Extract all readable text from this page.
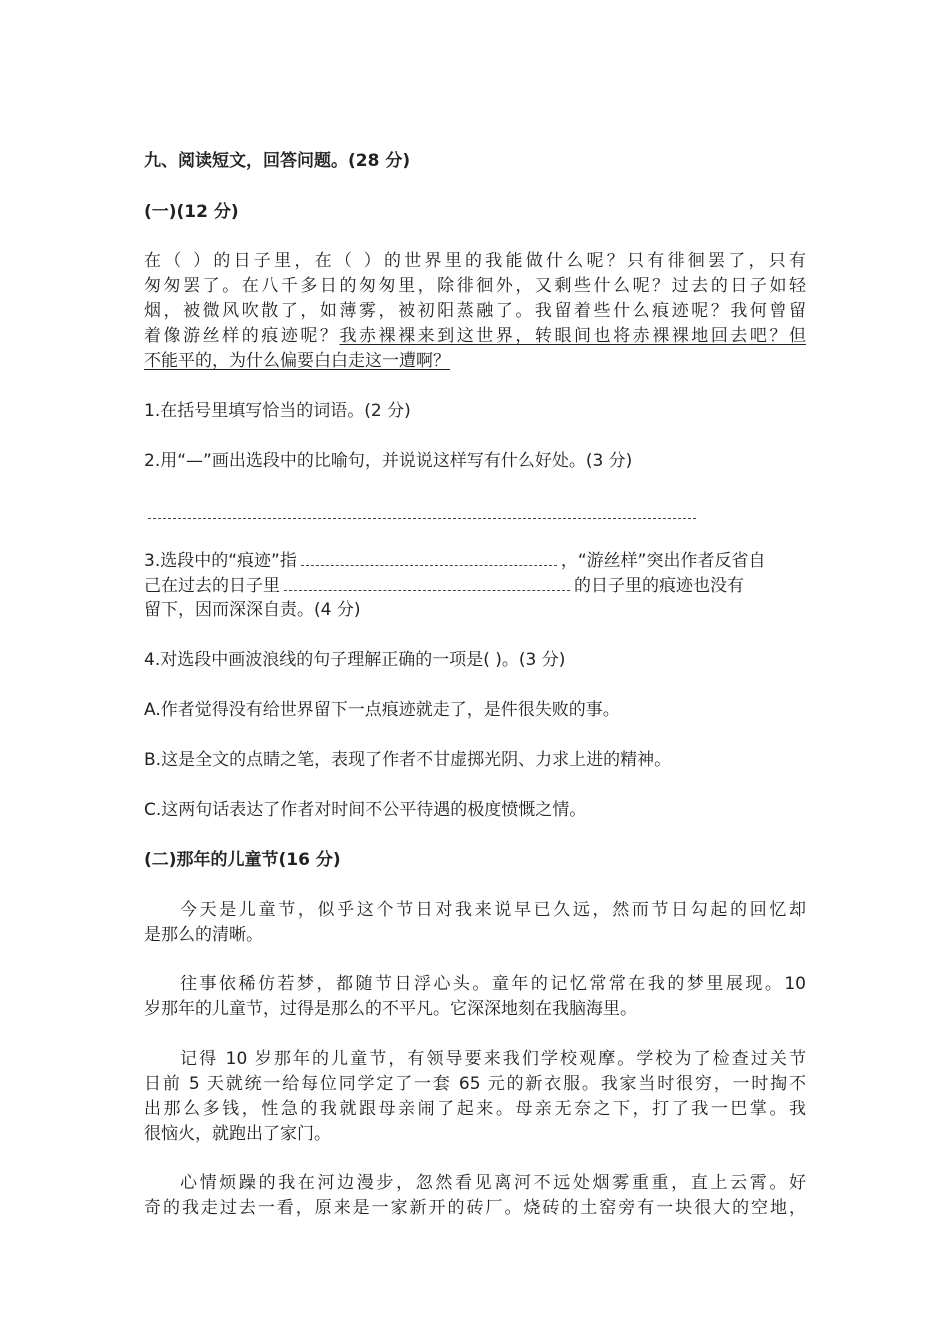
九、阅读短文，回答问题。(28 分)
(一)(12 分)
在（ ）的日子里，在（ ）的世界里的我能做什么呢？只有徘徊罢了，只有
匆匆罢了。在八千多日的匆匆里，除徘徊外，又剩些什么呢？过去的日子如轻
烟，被微风吹散了，如薄雾，被初阳蒸融了。我留着些什么痕迹呢？我何曾留
着像游丝样的痕迹呢？我赤裸裸来到这世界，转眼间也将赤裸裸地回去吧？但
不能平的，为什么偏要白白走这一遭啊？
1.在括号里填写恰当的词语。(2 分)
2.用“—”画出选段中的比喻句，并说说这样写有什么好处。(3 分)
3.选段中的“痕迹”指	，“游丝样”突出作者反省自
己在过去的日子里	的日子里的痕迹也没有
留下，因而深深自责。(4 分)
4.对选段中画波浪线的句子理解正确的一项是( )。(3 分)
A.作者觉得没有给世界留下一点痕迹就走了，是件很失败的事。
B.这是全文的点睛之笔，表现了作者不甘虚掷光阴、力求上进的精神。
C.这两句话表达了作者对时间不公平待遇的极度愤慨之情。
(二)那年的儿童节(16 分)
今天是儿童节，似乎这个节日对我来说早已久远，然而节日勾起的回忆却
是那么的清晰。
往事依稀仿若梦，都随节日浮心头。童年的记忆常常在我的梦里展现。10
岁那年的儿童节，过得是那么的不平凡。它深深地刻在我脑海里。
记得 10 岁那年的儿童节，有领导要来我们学校观摩。学校为了检查过关节
日前 5 天就统一给每位同学定了一套 65 元的新衣服。我家当时很穷，一时掏不
出那么多钱，性急的我就跟母亲闹了起来。母亲无奈之下，打了我一巴掌。我
很恼火，就跑出了家门。
心情烦躁的我在河边漫步，忽然看见离河不远处烟雾重重，直上云霄。好
奇的我走过去一看，原来是一家新开的砖厂。烧砖的土窑旁有一块很大的空地，
